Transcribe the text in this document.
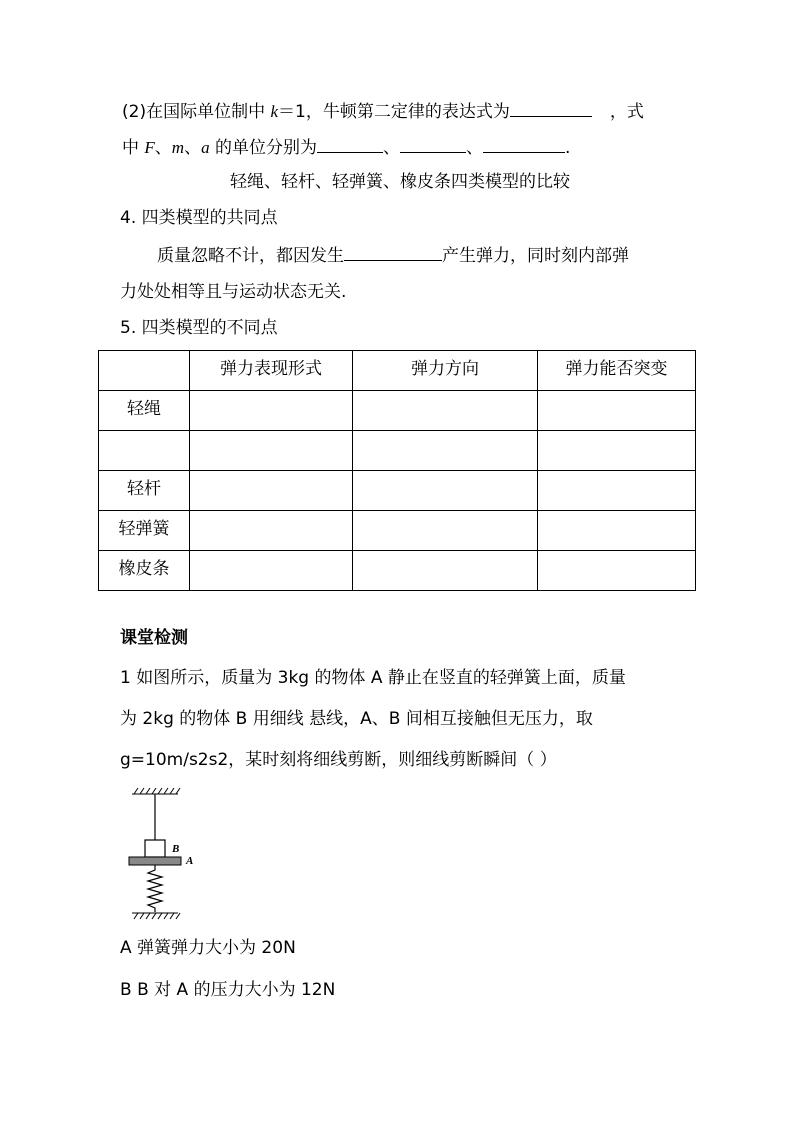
(2)在国际单位制中 k＝1，牛顿第二定律的表达式为	，式
中 F、m、a 的单位分别为	、	、	.
轻绳、轻杆、轻弹簧、橡皮条四类模型的比较
4. 四类模型的共同点
质量忽略不计，都因发生	产生弹力，同时刻内部弹
力处处相等且与运动状态无关.
5. 四类模型的不同点
	弹力表现形式	弹力方向	弹力能否突变
轻绳			

轻杆			
轻弹簧			
橡皮条			
课堂检测
1 如图所示，质量为 3kg 的物体 A 静止在竖直的轻弹簧上面，质量
为 2kg 的物体 B 用细线 悬线，A、B 间相互接触但无压力，取
g=10m/s2s2，某时刻将细线剪断，则细线剪断瞬间（ ）
B
A
A 弹簧弹力大小为 20N
B B 对 A 的压力大小为 12N
